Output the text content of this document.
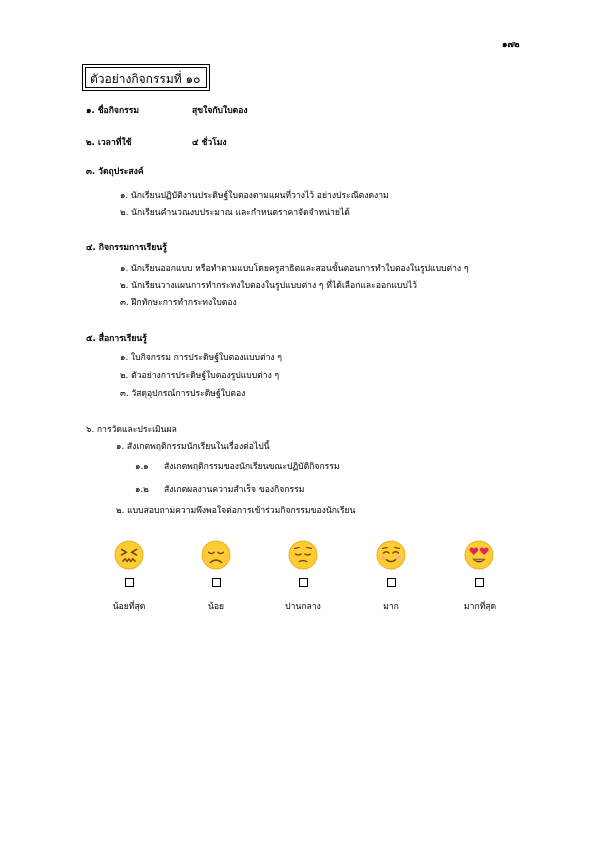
๑๗๒
ตัวอย่างกิจกรรมที่ ๑๐
๑. ชื่อกิจกรรม	สุขใจกับใบตอง
๒. เวลาที่ใช้	๔ ชั่วโมง
๓. วัตถุประสงค์
๑. นักเรียนปฏิบัติงานประดิษฐ์ใบตองตามแผนที่วางไว้ อย่างประณีตงดงาม
๒. นักเรียนคำนวณงบประมาณ และกำหนดราคาจัดจำหน่ายได้
๔. กิจกรรมการเรียนรู้
๑. นักเรียนออกแบบ หรือทำตามแบบโดยครูสาธิตและสอนขั้นตอนการทำใบตองในรูปแบบต่าง ๆ
๒. นักเรียนวางแผนการทำกระทงใบตองในรูปแบบต่าง ๆ ที่ได้เลือกและออกแบบไว้
๓. ฝึกทักษะการทำกระทงใบตอง
๕. สื่อการเรียนรู้
๑. ใบกิจกรรม การประดิษฐ์ใบตองแบบต่าง ๆ
๒. ตัวอย่างการประดิษฐ์ใบตองรูปแบบต่าง ๆ
๓. วัสดุอุปกรณ์การประดิษฐ์ใบตอง
๖. การวัดและประเมินผล
๑. สังเกตพฤติกรรมนักเรียนในเรื่องต่อไปนี้
๑.๑ สังเกตพฤติกรรมของนักเรียนขณะปฏิบัติกิจกรรม
๑.๒ สังเกตผลงานความสำเร็จ ของกิจกรรม
๒. แบบสอบถามความพึงพอใจต่อการเข้าร่วมกิจกรรมของนักเรียน
น้อยที่สุด	น้อย	ปานกลาง	มาก	มากที่สุด
